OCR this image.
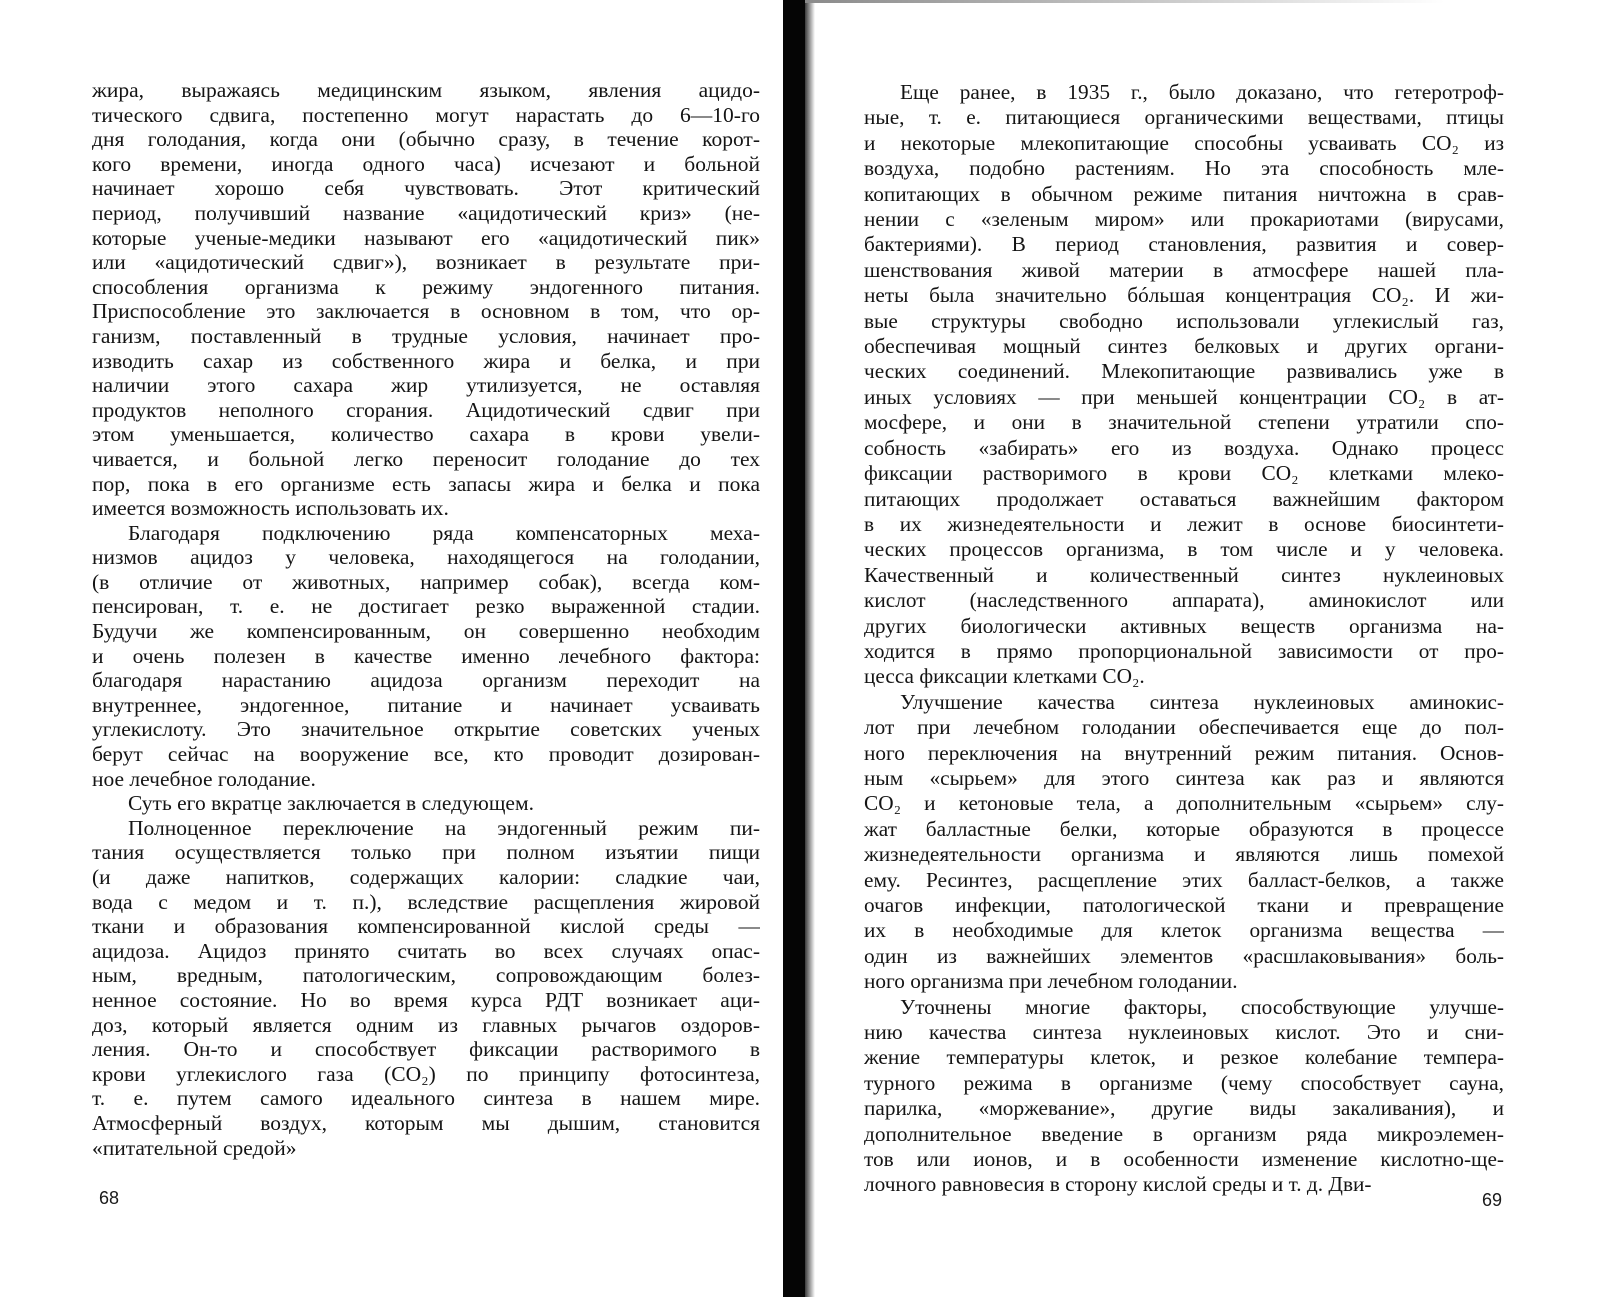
жира, выражаясь медицинским языком, явления ацидо-
тического сдвига, постепенно могут нарастать до 6—10-го
дня голодания, когда они (обычно сразу, в течение корот-
кого времени, иногда одного часа) исчезают и больной
начинает хорошо себя чувствовать. Этот критический
период, получивший название «ацидотический криз» (не-
которые ученые-медики называют его «ацидотический пик»
или «ацидотический сдвиг»), возникает в результате при-
способления организма к режиму эндогенного питания.
Приспособление это заключается в основном в том, что ор-
ганизм, поставленный в трудные условия, начинает про-
изводить сахар из собственного жира и белка, и при
наличии этого сахара жир утилизуется, не оставляя
продуктов неполного сгорания. Ацидотический сдвиг при
этом уменьшается, количество сахара в крови увели-
чивается, и больной легко переносит голодание до тех
пор, пока в его организме есть запасы жира и белка и пока
имеется возможность использовать их.

Благодаря подключению ряда компенсаторных меха-
низмов ацидоз у человека, находящегося на голодании,
(в отличие от животных, например собак), всегда ком-
пенсирован, т. е. не достигает резко выраженной стадии.
Будучи же компенсированным, он совершенно необходим
и очень полезен в качестве именно лечебного фактора:
благодаря нарастанию ацидоза организм переходит на
внутреннее, эндогенное, питание и начинает усваивать
углекислоту. Это значительное открытие советских ученых
берут сейчас на вооружение все, кто проводит дозирован-
ное лечебное голодание.

Суть его вкратце заключается в следующем.

Полноценное переключение на эндогенный режим пи-
тания осуществляется только при полном изъятии пищи
(и даже напитков, содержащих калории: сладкие чаи,
вода с медом и т. п.), вследствие расщепления жировой
ткани и образования компенсированной кислой среды —
ацидоза. Ацидоз принято считать во всех случаях опас-
ным, вредным, патологическим, сопровождающим болез-
ненное состояние. Но во время курса РДТ возникает аци-
доз, который является одним из главных рычагов оздоров-
ления. Он-то и способствует фиксации растворимого в
крови углекислого газа (CO₂) по принципу фотосинтеза,
т. е. путем самого идеального синтеза в нашем мире.
Атмосферный воздух, которым мы дышим, становится
«питательной средой»

Еще ранее, в 1935 г., было доказано, что гетеротроф-
ные, т. е. питающиеся органическими веществами, птицы
и некоторые млекопитающие способны усваивать CO₂ из
воздуха, подобно растениям. Но эта способность мле-
копитающих в обычном режиме питания ничтожна в срав-
нении с «зеленым миром» или прокариотами (вирусами,
бактериями). В период становления, развития и совер-
шенствования живой материи в атмосфере нашей пла-
неты была значительно бóльшая концентрация CO₂. И жи-
вые структуры свободно использовали углекислый газ,
обеспечивая мощный синтез белковых и других органи-
ческих соединений. Млекопитающие развивались уже в
иных условиях — при меньшей концентрации CO₂ в ат-
мосфере, и они в значительной степени утратили спо-
собность «забирать» его из воздуха. Однако процесс
фиксации растворимого в крови CO₂ клетками млеко-
питающих продолжает оставаться важнейшим фактором
в их жизнедеятельности и лежит в основе биосинтети-
ческих процессов организма, в том числе и у человека.
Качественный и количественный синтез нуклеиновых
кислот (наследственного аппарата), аминокислот или
других биологически активных веществ организма на-
ходится в прямо пропорциональной зависимости от про-
цесса фиксации клетками CO₂.

Улучшение качества синтеза нуклеиновых аминокис-
лот при лечебном голодании обеспечивается еще до пол-
ного переключения на внутренний режим питания. Основ-
ным «сырьем» для этого синтеза как раз и являются
CO₂ и кетоновые тела, а дополнительным «сырьем» слу-
жат балластные белки, которые образуются в процессе
жизнедеятельности организма и являются лишь помехой
ему. Ресинтез, расщепление этих балласт-белков, а также
очагов инфекции, патологической ткани и превращение
их в необходимые для клеток организма вещества —
один из важнейших элементов «расшлаковывания» боль-
ного организма при лечебном голодании.

Уточнены многие факторы, способствующие улучше-
нию качества синтеза нуклеиновых кислот. Это и сни-
жение температуры клеток, и резкое колебание темпера-
турного режима в организме (чему способствует сауна,
парилка, «моржевание», другие виды закаливания), и
дополнительное введение в организм ряда микроэлемен-
тов или ионов, и в особенности изменение кислотно-ще-
лочного равновесия в сторону кислой среды и т. д. Дви-

68	69
